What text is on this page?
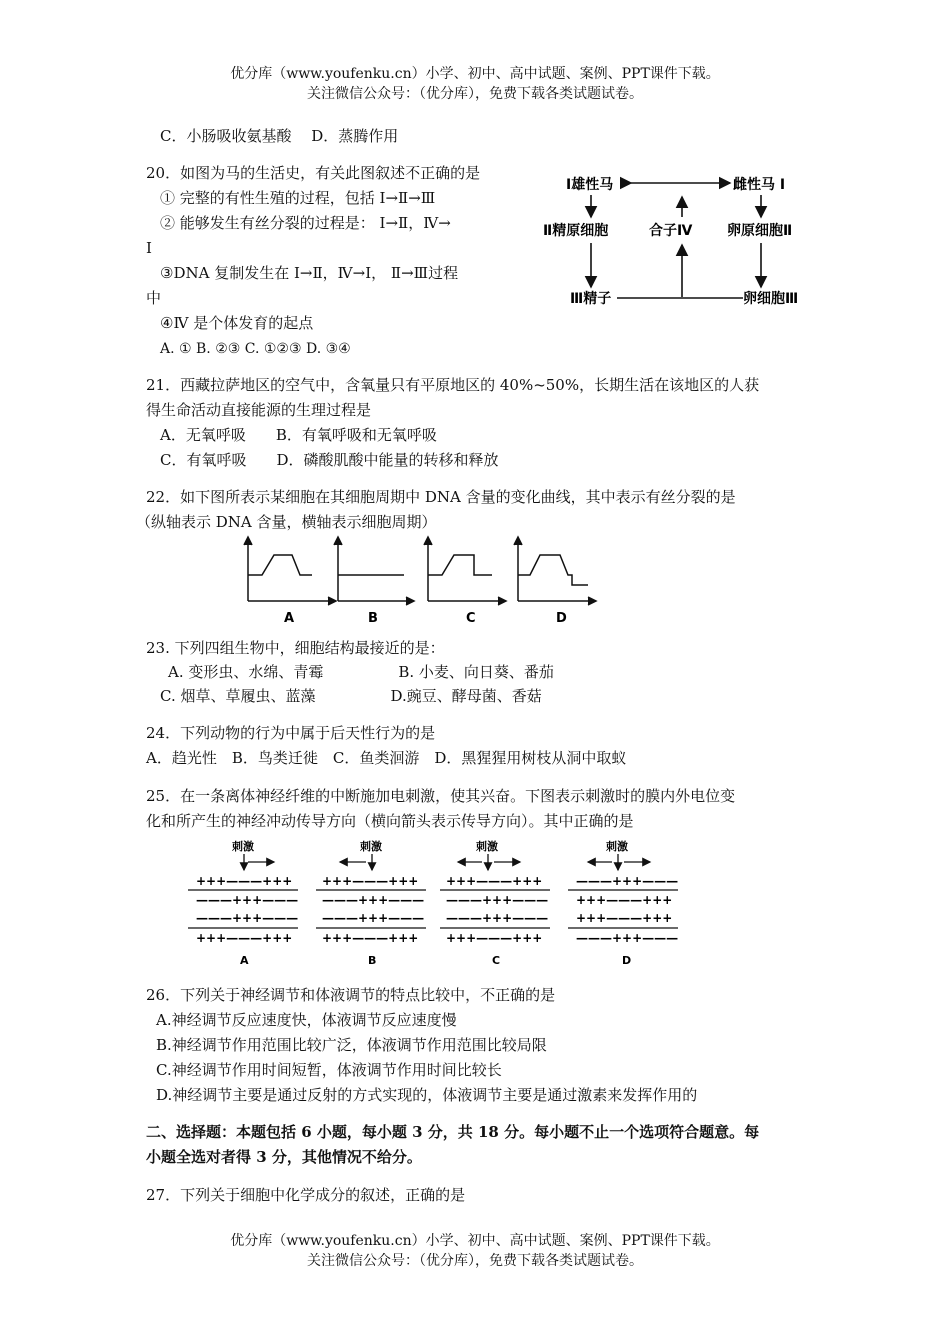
优分库（www.youfenku.cn）小学、初中、高中试题、案例、PPT课件下载。
关注微信公众号：（优分库），免费下载各类试题试卷。
C．小肠吸收氨基酸　 D．蒸腾作用
20．如图为马的生活史，有关此图叙述不正确的是
① 完整的有性生殖的过程，包括 Ⅰ→Ⅱ→Ⅲ
② 能够发生有丝分裂的过程是： Ⅰ→Ⅱ，Ⅳ→
Ⅰ
③DNA 复制发生在 Ⅰ→Ⅱ，Ⅳ→Ⅰ， Ⅱ→Ⅲ过程
中
④Ⅳ 是个体发育的起点
A. ① B. ②③ C. ①②③ D. ③④
Ⅰ雄性马	雌性马 Ⅰ
Ⅱ精原细胞	合子Ⅳ 卵原细胞Ⅱ
Ⅲ精子	卵细胞Ⅲ
21．西藏拉萨地区的空气中，含氧量只有平原地区的 40%~50%，长期生活在该地区的人获
得生命活动直接能源的生理过程是
A．无氧呼吸　　B．有氧呼吸和无氧呼吸
C．有氧呼吸　　D．磷酸肌酸中能量的转移和释放
22．如下图所表示某细胞在其细胞周期中 DNA 含量的变化曲线，其中表示有丝分裂的是
（纵轴表示 DNA 含量，横轴表示细胞周期）
A	B	C	D
23. 下列四组生物中，细胞结构最接近的是：
A. 变形虫、水绵、青霉　　　　　B. 小麦、向日葵、番茄
C. 烟草、草履虫、蓝藻　　　　　D.豌豆、酵母菌、香菇
24．下列动物的行为中属于后天性行为的是
A．趋光性　B．鸟类迁徙　C．鱼类洄游　D．黑猩猩用树枝从洞中取蚁
25．在一条离体神经纤维的中断施加电刺激，使其兴奋。下图表示刺激时的膜内外电位变
化和所产生的神经冲动传导方向（横向箭头表示传导方向）。其中正确的是
刺激
+++———+++
———+++———
———+++———
+++———+++
A
刺激
+++———+++
———+++———
———+++———
+++———+++
B
刺激
+++———+++
———+++———
———+++———
+++———+++
C
刺激
———+++———
+++———+++
+++———+++
———+++———
D
26．下列关于神经调节和体液调节的特点比较中，不正确的是
A.神经调节反应速度快，体液调节反应速度慢
B.神经调节作用范围比较广泛，体液调节作用范围比较局限
C.神经调节作用时间短暂，体液调节作用时间比较长
D.神经调节主要是通过反射的方式实现的，体液调节主要是通过激素来发挥作用的
二、选择题：本题包括 6 小题，每小题 3 分，共 18 分。每小题不止一个选项符合题意。每
小题全选对者得 3 分，其他情况不给分。
27．下列关于细胞中化学成分的叙述，正确的是
优分库（www.youfenku.cn）小学、初中、高中试题、案例、PPT课件下载。
关注微信公众号：（优分库），免费下载各类试题试卷。
